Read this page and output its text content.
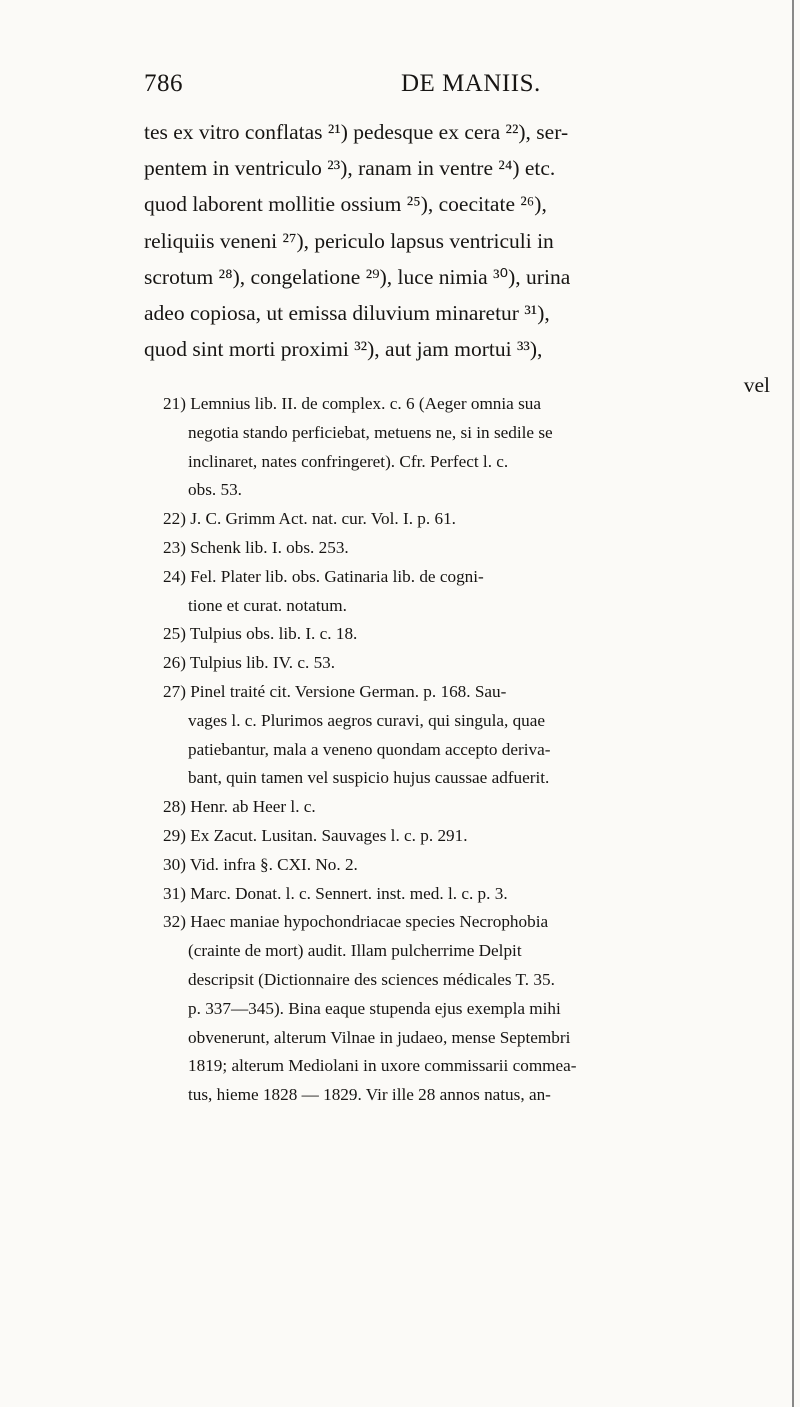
786	DE MANIIS.
tes ex vitro conflatas ²¹) pedesque ex cera ²²), ser-
pentem in ventriculo ²³), ranam in ventre ²⁴) etc.
quod laborent mollitie ossium ²⁵), coecitate ²⁶),
reliquiis veneni ²⁷), periculo lapsus ventriculi in
scrotum ²⁸), congelatione ²⁹), luce nimia ³⁰), urina
adeo copiosa, ut emissa diluvium minaretur ³¹),
quod sint morti proximi ³²), aut jam mortui ³³),
vel
21) Lemnius lib. II. de complex. c. 6 (Aeger omnia sua
negotia stando perficiebat, metuens ne, si in sedile se
inclinaret, nates confringeret). Cfr. Perfect l. c.
obs. 53.
22) J. C. Grimm Act. nat. cur. Vol. I. p. 61.
23) Schenk lib. I. obs. 253.
24) Fel. Plater lib. obs. Gatinaria lib. de cogni-
tione et curat. notatum.
25) Tulpius obs. lib. I. c. 18.
26) Tulpius lib. IV. c. 53.
27) Pinel traité cit. Versione German. p. 168. Sau-
vages l. c. Plurimos aegros curavi, qui singula, quae
patiebantur, mala a veneno quondam accepto deriva-
bant, quin tamen vel suspicio hujus caussae adfuerit.
28) Henr. ab Heer l. c.
29) Ex Zacut. Lusitan. Sauvages l. c. p. 291.
30) Vid. infra §. CXI. No. 2.
31) Marc. Donat. l. c. Sennert. inst. med. l. c. p. 3.
32) Haec maniae hypochondriacae species Necrophobia
(crainte de mort) audit. Illam pulcherrime Delpit
descripsit (Dictionnaire des sciences médicales T. 35.
p. 337—345). Bina eaque stupenda ejus exempla mihi
obvenerunt, alterum Vilnae in judaeo, mense Septembri
1819; alterum Mediolani in uxore commissarii commea-
tus, hieme 1828 — 1829. Vir ille 28 annos natus, an-
